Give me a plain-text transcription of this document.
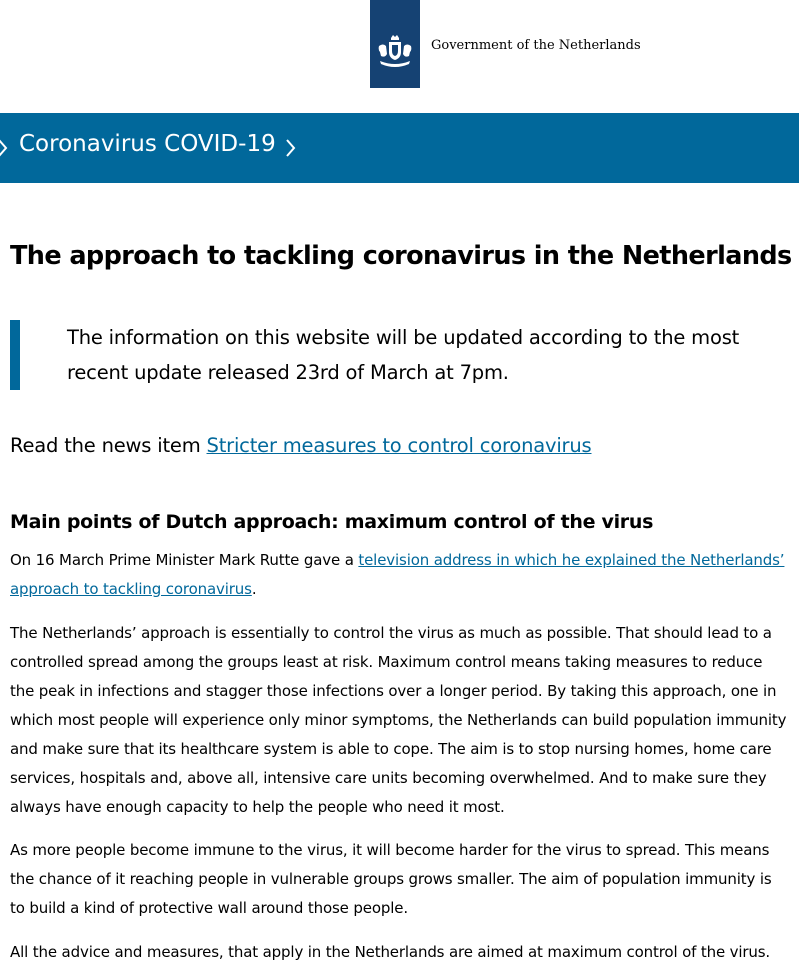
Government of the Netherlands
Coronavirus COVID-19
The approach to tackling coronavirus in the Netherlands
The information on this website will be updated according to the most recent update released 23rd of March at 7pm.
Read the news item Stricter measures to control coronavirus
Main points of Dutch approach: maximum control of the virus

On 16 March Prime Minister Mark Rutte gave a television address in which he explained the Netherlands’ approach to tackling coronavirus.

The Netherlands’ approach is essentially to control the virus as much as possible. That should lead to a controlled spread among the groups least at risk. Maximum control means taking measures to reduce the peak in infections and stagger those infections over a longer period. By taking this approach, one in which most people will experience only minor symptoms, the Netherlands can build population immunity and make sure that its healthcare system is able to cope. The aim is to stop nursing homes, home care services, hospitals and, above all, intensive care units becoming overwhelmed. And to make sure they always have enough capacity to help the people who need it most.

As more people become immune to the virus, it will become harder for the virus to spread. This means the chance of it reaching people in vulnerable groups grows smaller. The aim of population immunity is to build a kind of protective wall around those people.

All the advice and measures, that apply in the Netherlands are aimed at maximum control of the virus.
